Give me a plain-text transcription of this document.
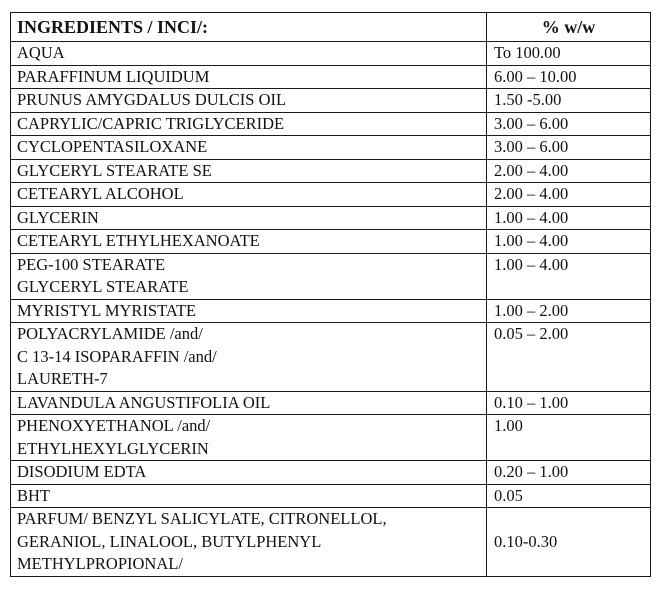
INGREDIENTS / INCI/:	% w/w
AQUA	To 100.00
PARAFFINUM LIQUIDUM	6.00 – 10.00
PRUNUS AMYGDALUS DULCIS OIL	1.50 -5.00
CAPRYLIC/CAPRIC TRIGLYCERIDE	3.00 – 6.00
CYCLOPENTASILOXANE	3.00 – 6.00
GLYCERYL STEARATE SE	2.00 – 4.00
CETEARYL ALCOHOL	2.00 – 4.00
GLYCERIN	1.00 – 4.00
CETEARYL ETHYLHEXANOATE	1.00 – 4.00
PEG-100 STEARATE
GLYCERYL STEARATE	1.00 – 4.00
MYRISTYL MYRISTATE	1.00 – 2.00
POLYACRYLAMIDE /and/
C 13-14 ISOPARAFFIN /and/
LAURETH-7	0.05 – 2.00
LAVANDULA ANGUSTIFOLIA OIL	0.10 – 1.00
PHENOXYETHANOL /and/
ETHYLHEXYLGLYCERIN	1.00
DISODIUM EDTA	0.20 – 1.00
BHT	0.05
PARFUM/ BENZYL SALICYLATE, CITRONELLOL,
GERANIOL, LINALOOL, BUTYLPHENYL
METHYLPROPIONAL/	0.10-0.30
